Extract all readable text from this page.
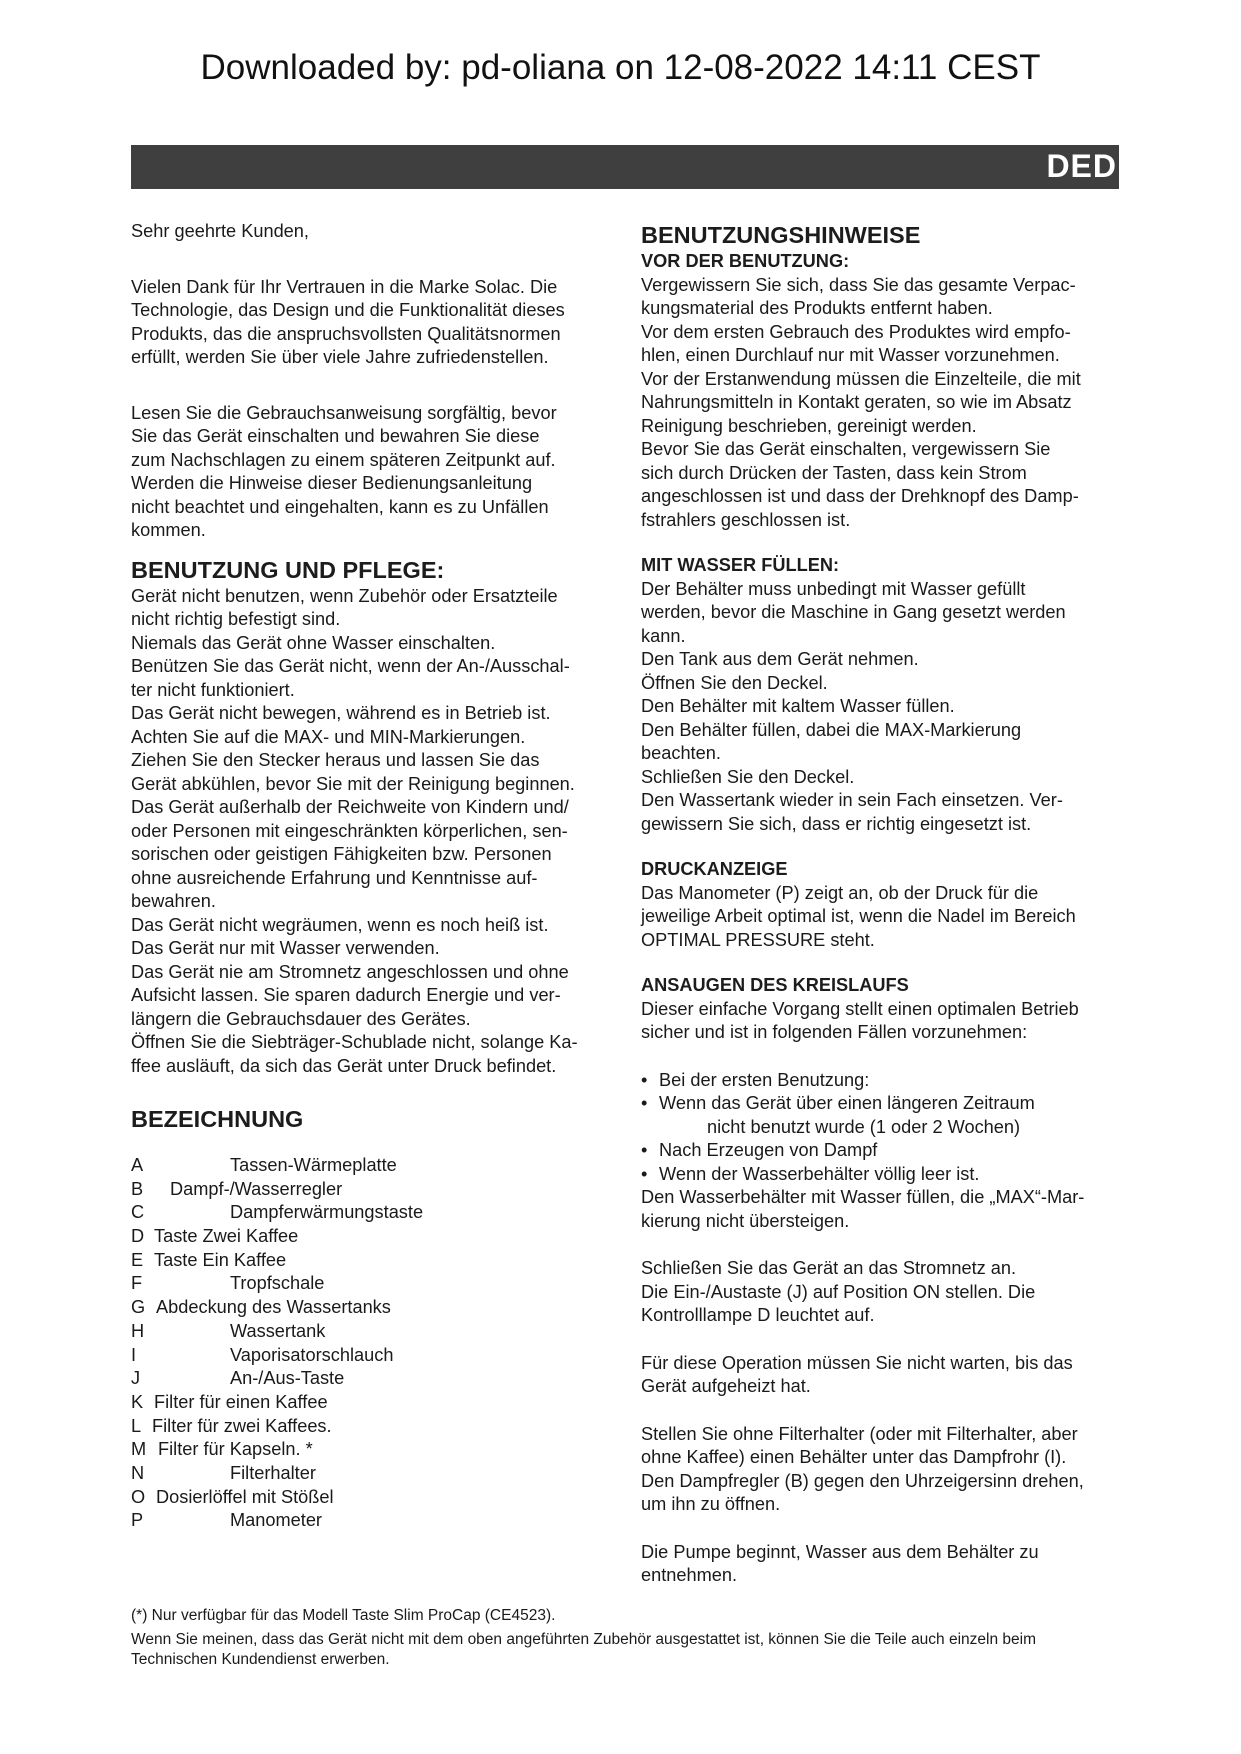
Downloaded by: pd-oliana on 12-08-2022 14:11 CEST
DED

Sehr geehrte Kunden,

Vielen Dank für Ihr Vertrauen in die Marke Solac. Die
Technologie, das Design und die Funktionalität dieses
Produkts, das die anspruchsvollsten Qualitätsnormen
erfüllt, werden Sie über viele Jahre zufriedenstellen.
Lesen Sie die Gebrauchsanweisung sorgfältig, bevor
Sie das Gerät einschalten und bewahren Sie diese
zum Nachschlagen zu einem späteren Zeitpunkt auf.
Werden die Hinweise dieser Bedienungsanleitung
nicht beachtet und eingehalten, kann es zu Unfällen
kommen.
BENUTZUNG UND PFLEGE:
Gerät nicht benutzen, wenn Zubehör oder Ersatzteile
nicht richtig befestigt sind.
Niemals das Gerät ohne Wasser einschalten.
Benützen Sie das Gerät nicht, wenn der An-/Ausschal-
ter nicht funktioniert.
Das Gerät nicht bewegen, während es in Betrieb ist.
Achten Sie auf die MAX- und MIN-Markierungen.
Ziehen Sie den Stecker heraus und lassen Sie das
Gerät abkühlen, bevor Sie mit der Reinigung beginnen.
Das Gerät außerhalb der Reichweite von Kindern und/
oder Personen mit eingeschränkten körperlichen, sen-
sorischen oder geistigen Fähigkeiten bzw. Personen
ohne ausreichende Erfahrung und Kenntnisse auf-
bewahren.
Das Gerät nicht wegräumen, wenn es noch heiß ist.
Das Gerät nur mit Wasser verwenden.
Das Gerät nie am Stromnetz angeschlossen und ohne
Aufsicht lassen. Sie sparen dadurch Energie und ver-
längern die Gebrauchsdauer des Gerätes.
Öffnen Sie die Siebträger-Schublade nicht, solange Ka-
ffee ausläuft, da sich das Gerät unter Druck befindet.
BEZEICHNUNG
A	Tassen-Wärmeplatte
B Dampf-/Wasserregler
C	Dampferwärmungstaste
D Taste Zwei Kaffee
E Taste Ein Kaffee
F	Tropfschale
G Abdeckung des Wassertanks
H	Wassertank
I	Vaporisatorschlauch
J	An-/Aus-Taste
K Filter für einen Kaffee
L Filter für zwei Kaffees.
M Filter für Kapseln. *
N	Filterhalter
O Dosierlöffel mit Stößel
P	Manometer
BENUTZUNGSHINWEISE
VOR DER BENUTZUNG:
Vergewissern Sie sich, dass Sie das gesamte Verpac-
kungsmaterial des Produkts entfernt haben.
Vor dem ersten Gebrauch des Produktes wird empfo-
hlen, einen Durchlauf nur mit Wasser vorzunehmen.
Vor der Erstanwendung müssen die Einzelteile, die mit
Nahrungsmitteln in Kontakt geraten, so wie im Absatz
Reinigung beschrieben, gereinigt werden.
Bevor Sie das Gerät einschalten, vergewissern Sie
sich durch Drücken der Tasten, dass kein Strom
angeschlossen ist und dass der Drehknopf des Damp-
fstrahlers geschlossen ist.
MIT WASSER FÜLLEN:
Der Behälter muss unbedingt mit Wasser gefüllt
werden, bevor die Maschine in Gang gesetzt werden
kann.
Den Tank aus dem Gerät nehmen.
Öffnen Sie den Deckel.
Den Behälter mit kaltem Wasser füllen.
Den Behälter füllen, dabei die MAX-Markierung
beachten.
Schließen Sie den Deckel.
Den Wassertank wieder in sein Fach einsetzen. Ver-
gewissern Sie sich, dass er richtig eingesetzt ist.
DRUCKANZEIGE
Das Manometer (P) zeigt an, ob der Druck für die
jeweilige Arbeit optimal ist, wenn die Nadel im Bereich
OPTIMAL PRESSURE steht.
ANSAUGEN DES KREISLAUFS
Dieser einfache Vorgang stellt einen optimalen Betrieb
sicher und ist in folgenden Fällen vorzunehmen:
• Bei der ersten Benutzung:
• Wenn das Gerät über einen längeren Zeitraum
nicht benutzt wurde (1 oder 2 Wochen)
• Nach Erzeugen von Dampf
• Wenn der Wasserbehälter völlig leer ist.
Den Wasserbehälter mit Wasser füllen, die „MAX“-Mar-
kierung nicht übersteigen.
Schließen Sie das Gerät an das Stromnetz an.
Die Ein-/Austaste (J) auf Position ON stellen. Die
Kontrolllampe D leuchtet auf.
Für diese Operation müssen Sie nicht warten, bis das
Gerät aufgeheizt hat.
Stellen Sie ohne Filterhalter (oder mit Filterhalter, aber
ohne Kaffee) einen Behälter unter das Dampfrohr (I).
Den Dampfregler (B) gegen den Uhrzeigersinn drehen,
um ihn zu öffnen.
Die Pumpe beginnt, Wasser aus dem Behälter zu
entnehmen.
(*) Nur verfügbar für das Modell Taste Slim ProCap (CE4523).
Wenn Sie meinen, dass das Gerät nicht mit dem oben angeführten Zubehör ausgestattet ist, können Sie die Teile auch einzeln beim
Technischen Kundendienst erwerben.
